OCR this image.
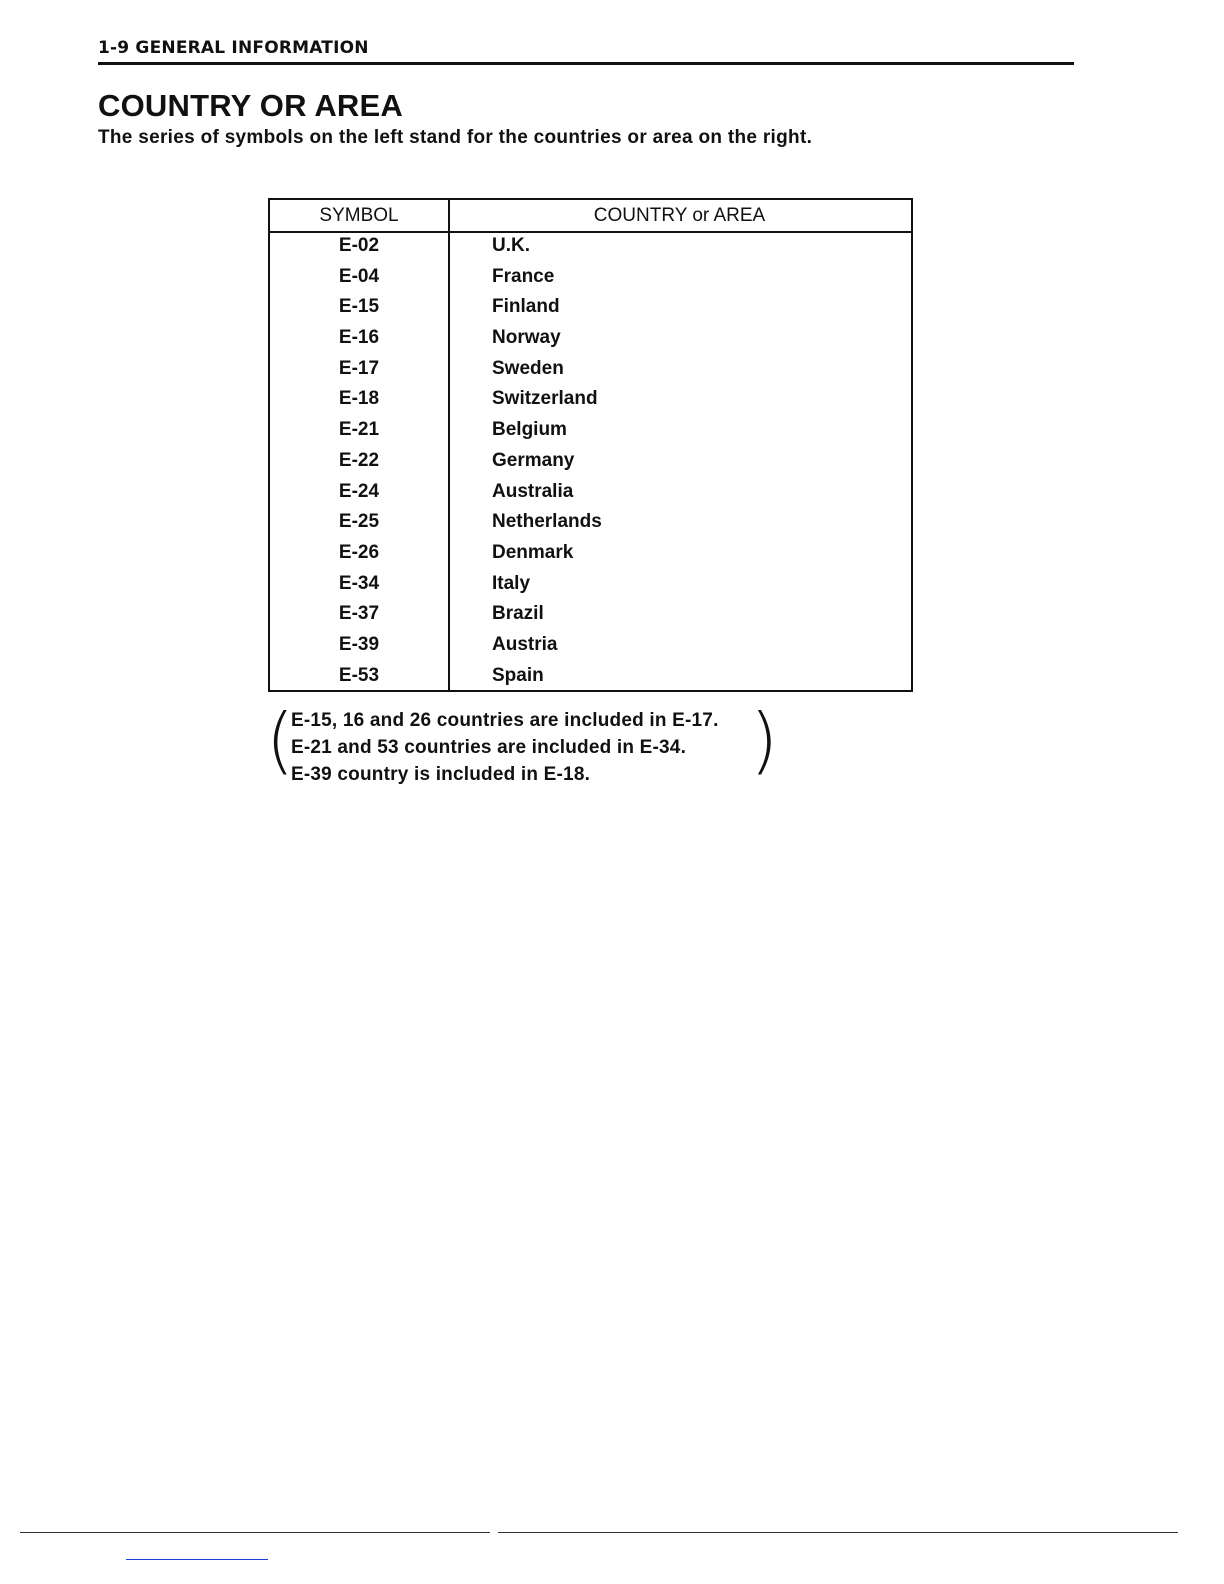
1-9 GENERAL INFORMATION
COUNTRY OR AREA
The series of symbols on the left stand for the countries or area on the right.
SYMBOL	COUNTRY or AREA
E-02	U.K.
E-04	France
E-15	Finland
E-16	Norway
E-17	Sweden
E-18	Switzerland
E-21	Belgium
E-22	Germany
E-24	Australia
E-25	Netherlands
E-26	Denmark
E-34	Italy
E-37	Brazil
E-39	Austria
E-53	Spain
(	)
E-15, 16 and 26 countries are included in E-17.
E-21 and 53 countries are included in E-34.
E-39 country is included in E-18.
